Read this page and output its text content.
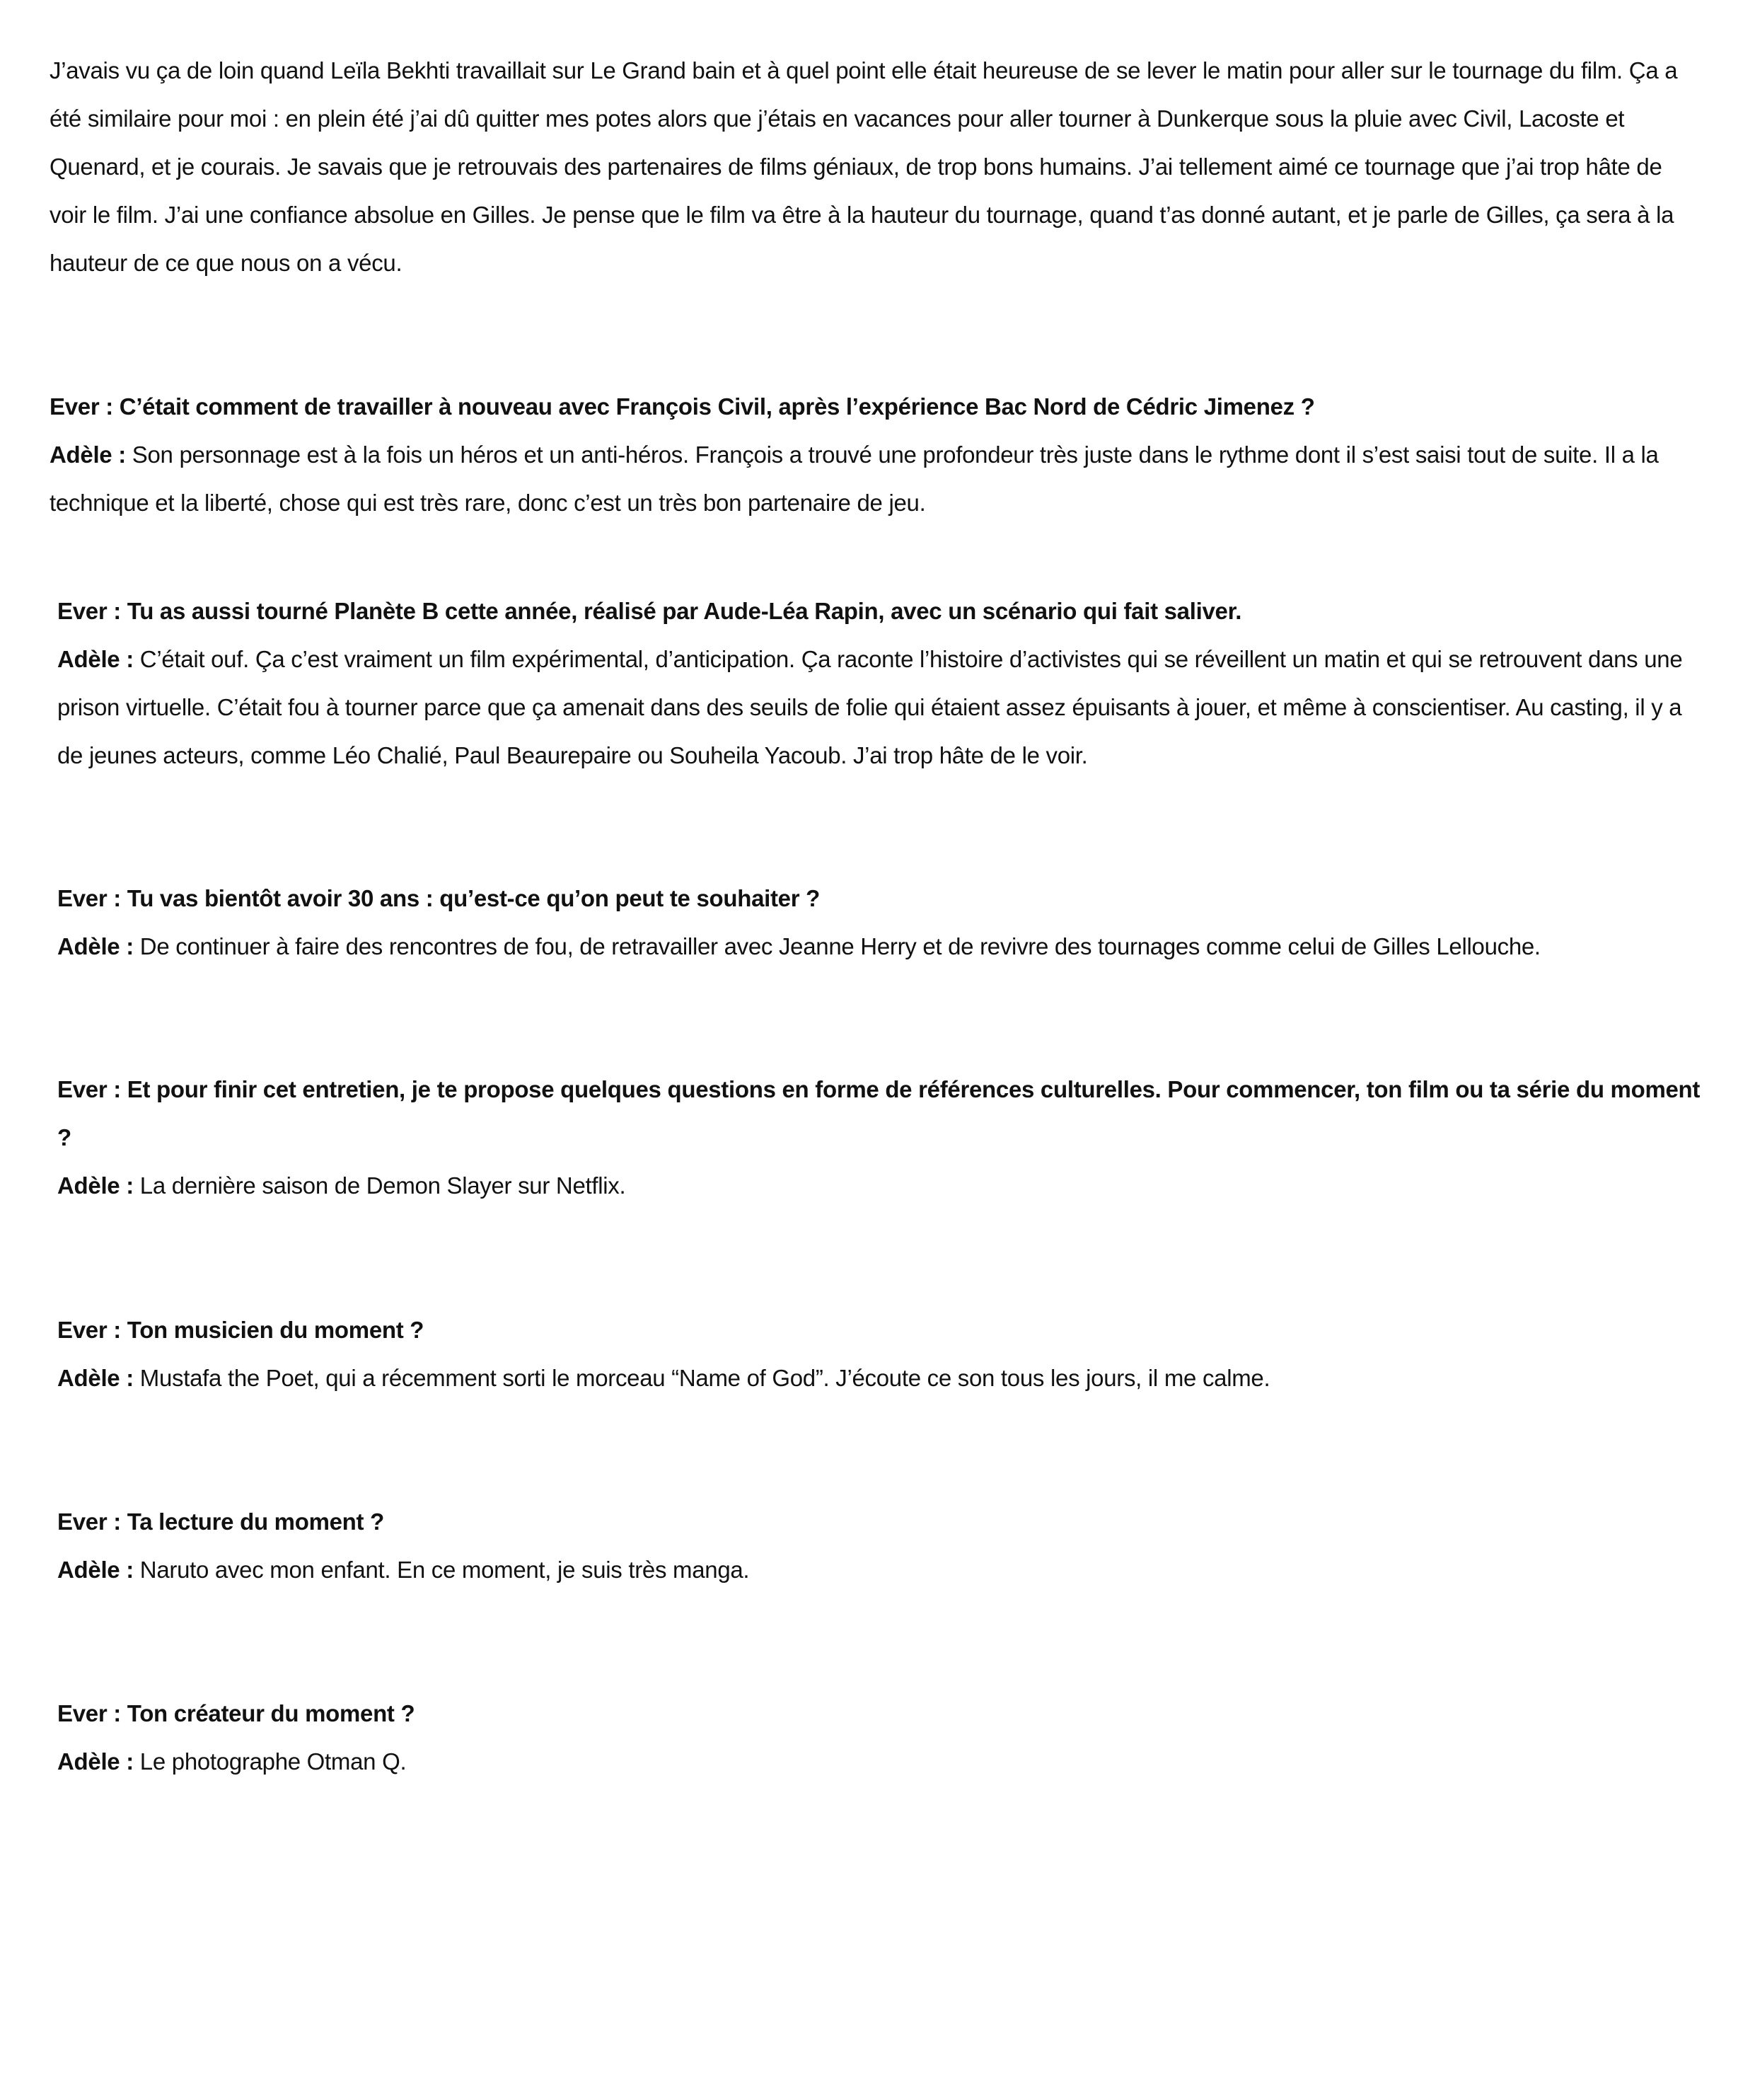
J’avais vu ça de loin quand Leïla Bekhti travaillait sur Le Grand bain et à quel point elle était heureuse de se lever le matin pour aller sur le tournage du film. Ça a été similaire pour moi : en plein été j’ai dû quitter mes potes alors que j’étais en vacances pour aller tourner à Dunkerque sous la pluie avec Civil, Lacoste et Quenard, et je courais. Je savais que je retrouvais des partenaires de films géniaux, de trop bons humains. J’ai tellement aimé ce tournage que j’ai trop hâte de voir le film. J’ai une confiance absolue en Gilles. Je pense que le film va être à la hauteur du tournage, quand t’as donné autant, et je parle de Gilles, ça sera à la hauteur de ce que nous on a vécu.

Ever : C’était comment de travailler à nouveau avec François Civil, après l’expérience Bac Nord de Cédric Jimenez ?

Adèle : Son personnage est à la fois un héros et un anti-héros. François a trouvé une profondeur très juste dans le rythme dont il s’est saisi tout de suite. Il a la technique et la liberté, chose qui est très rare, donc c’est un très bon partenaire de jeu.

Ever : Tu as aussi tourné Planète B cette année, réalisé par Aude-Léa Rapin, avec un scénario qui fait saliver.

Adèle : C’était ouf. Ça c’est vraiment un film expérimental, d’anticipation. Ça raconte l’histoire d’activistes qui se réveillent un matin et qui se retrouvent dans une prison virtuelle. C’était fou à tourner parce que ça amenait dans des seuils de folie qui étaient assez épuisants à jouer, et même à conscientiser. Au casting, il y a de jeunes acteurs, comme Léo Chalié, Paul Beaurepaire ou Souheila Yacoub. J’ai trop hâte de le voir.

Ever : Tu vas bientôt avoir 30 ans : qu’est-ce qu’on peut te souhaiter ?

Adèle : De continuer à faire des rencontres de fou, de retravailler avec Jeanne Herry et de revivre des tournages comme celui de Gilles Lellouche.

Ever : Et pour finir cet entretien, je te propose quelques questions en forme de références culturelles. Pour commencer, ton film ou ta série du moment ?

Adèle : La dernière saison de Demon Slayer sur Netflix.

Ever : Ton musicien du moment ?

Adèle : Mustafa the Poet, qui a récemment sorti le morceau “Name of God”. J’écoute ce son tous les jours, il me calme.

Ever : Ta lecture du moment ?

Adèle : Naruto avec mon enfant. En ce moment, je suis très manga.

Ever : Ton créateur du moment ?

Adèle : Le photographe Otman Q.
